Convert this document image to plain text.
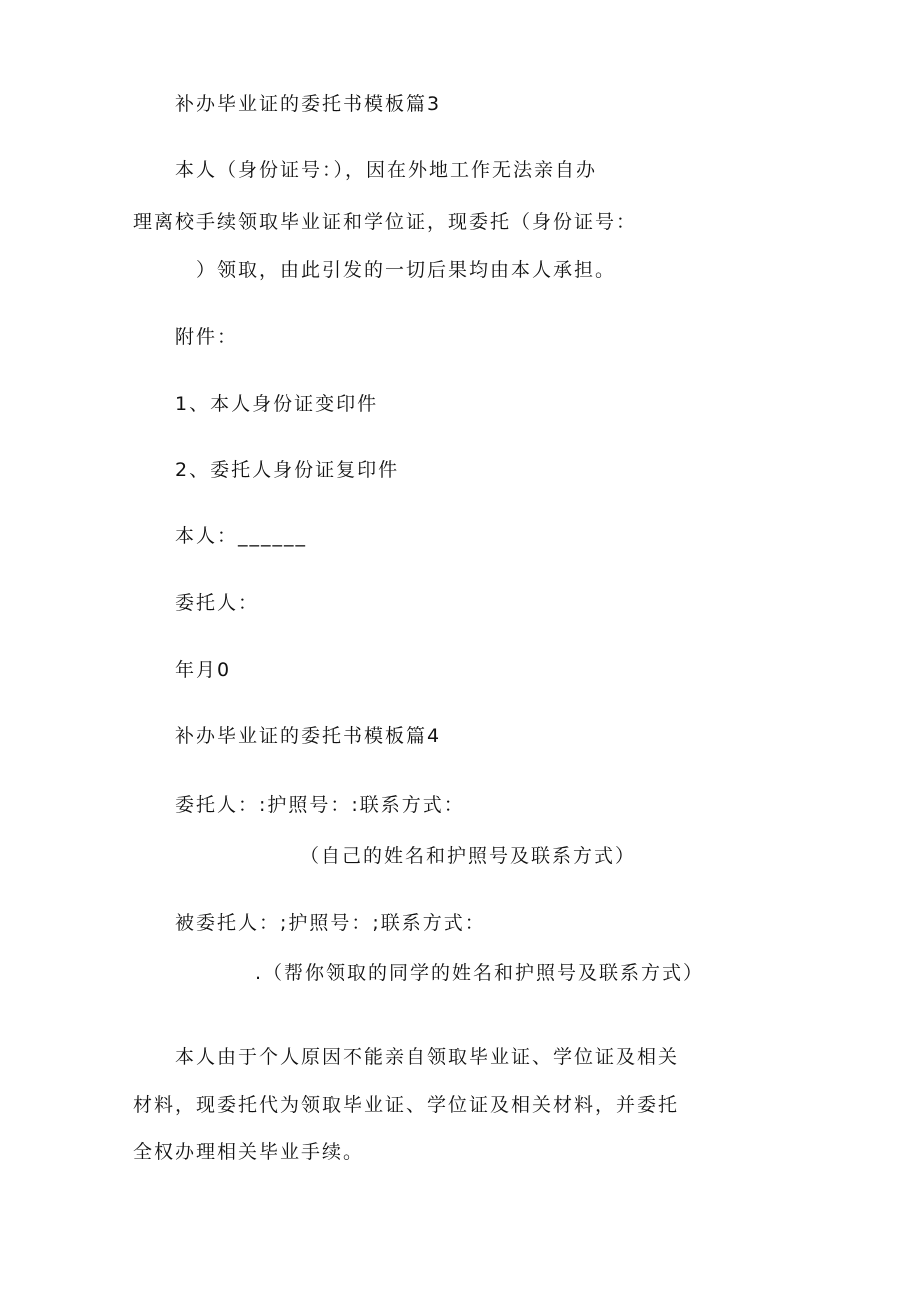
补办毕业证的委托书模板篇3
本人（身份证号：），因在外地工作无法亲自办
理离校手续领取毕业证和学位证，现委托（身份证号：
）领取，由此引发的一切后果均由本人承担。
附件：
1、本人身份证变印件
2、委托人身份证复印件
本人：______
委托人：
年月0
补办毕业证的委托书模板篇4
委托人：:护照号：:联系方式：
（自己的姓名和护照号及联系方式）
被委托人：;护照号：;联系方式：
.（帮你领取的同学的姓名和护照号及联系方式）
本人由于个人原因不能亲自领取毕业证、学位证及相关
材料，现委托代为领取毕业证、学位证及相关材料，并委托
全权办理相关毕业手续。
